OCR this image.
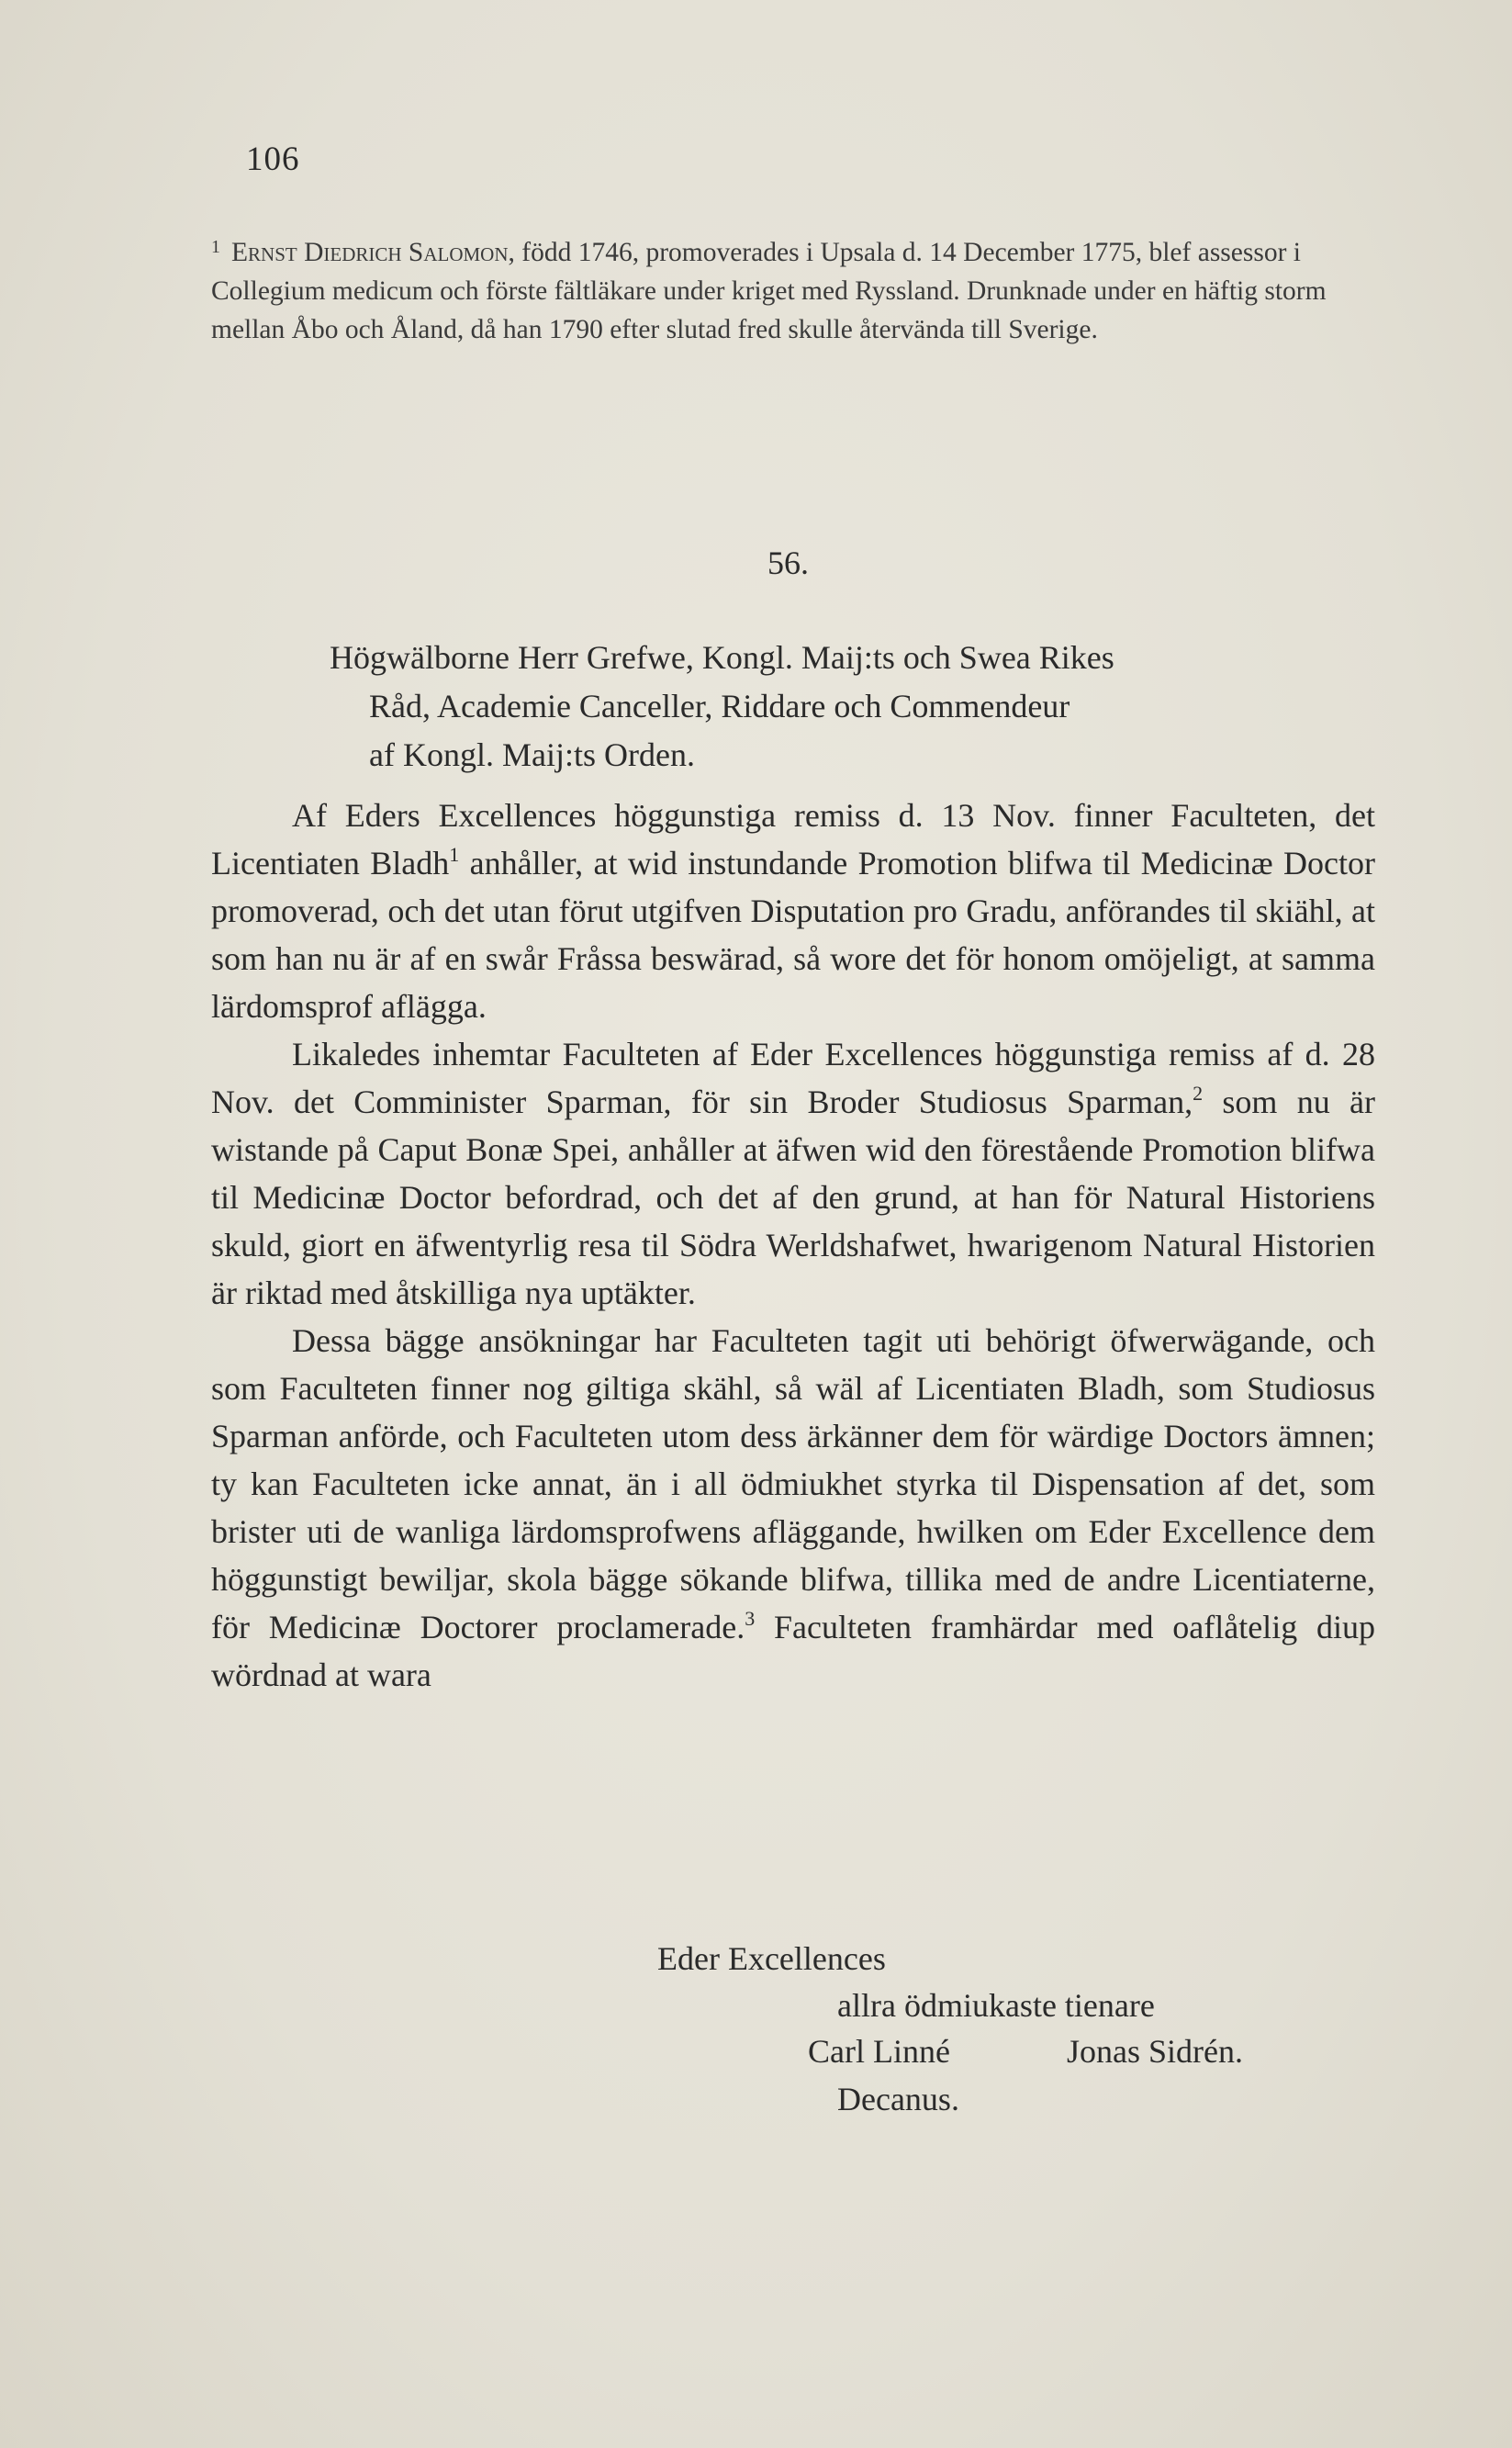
106

$^1$ Ernst Diedrich Salomon, född 1746, promoverades i Upsala d. 14 December 1775, blef assessor i Collegium medicum och förste fältläkare under kriget med Ryssland. Drunknade under en häftig storm mellan Åbo och Åland, då han 1790 efter slutad fred skulle återvända till Sverige.

56.

Högwälborne Herr Grefwe, Kongl. Maij:ts och Swea Rikes
Råd, Academie Canceller, Riddare och Commendeur
af Kongl. Maij:ts Orden.

Af Eders Excellences höggunstiga remiss d. 13 Nov. finner Faculteten, det Licentiaten Bladh$^1$ anhåller, at wid instundande Promotion blifwa til Medicinæ Doctor promoverad, och det utan förut utgifven Disputation pro Gradu, anförandes til skiähl, at som han nu är af en swår Fråssa beswärad, så wore det för honom omöjeligt, at samma lärdomsprof aflägga.

Likaledes inhemtar Faculteten af Eder Excellences höggunstiga remiss af d. 28 Nov. det Comminister Sparman, för sin Broder Studiosus Sparman,$^2$ som nu är wistande på Caput Bonæ Spei, anhåller at äfwen wid den förestående Promotion blifwa til Medicinæ Doctor befordrad, och det af den grund, at han för Natural Historiens skuld, giort en äfwentyrlig resa til Södra Werldshafwet, hwarigenom Natural Historien är riktad med åtskilliga nya uptäkter.

Dessa bägge ansökningar har Faculteten tagit uti behörigt öfwerwägande, och som Faculteten finner nog giltiga skähl, så wäl af Licentiaten Bladh, som Studiosus Sparman anförde, och Faculteten utom dess ärkänner dem för wärdige Doctors ämnen; ty kan Faculteten icke annat, än i all ödmiukhet styrka til Dispensation af det, som brister uti de wanliga lärdomsprofwens afläggande, hwilken om Eder Excellence dem höggunstigt bewiljar, skola bägge sökande blifwa, tillika med de andre Licentiaterne, för Medicinæ Doctorer proclamerade.$^3$ Faculteten framhärdar med oaflåtelig diup wördnad at wara

Eder Excellences

allra ödmiukaste tienare

Carl Linné	Jonas Sidrén.

Decanus.
